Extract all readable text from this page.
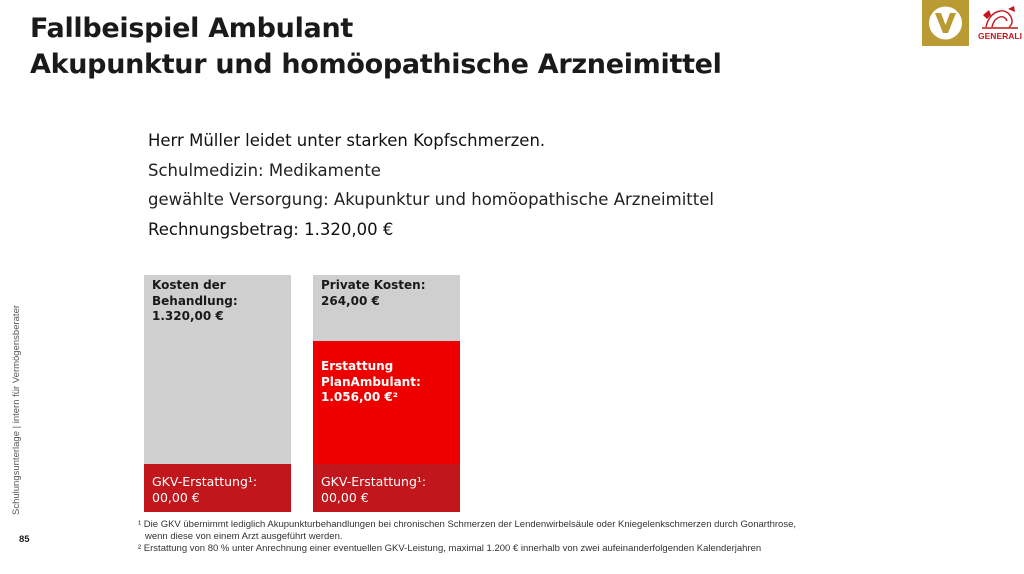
Fallbeispiel Ambulant
Akupunktur und homöopathische Arzneimittel
GENERALI
Herr Müller leidet unter starken Kopfschmerzen.
Schulmedizin: Medikamente
gewählte Versorgung: Akupunktur und homöopathische Arzneimittel
Rechnungsbetrag: 1.320,00 €
Kosten der
Behandlung:
1.320,00 €
GKV-Erstattung¹:
00,00 €
Private Kosten:
264,00 €
Erstattung
PlanAmbulant:
1.056,00 €²
GKV-Erstattung¹:
00,00 €
Schulungsunterlage | intern für Vermögensberater
85
¹ Die GKV übernimmt lediglich Akupunkturbehandlungen bei chronischen Schmerzen der Lendenwirbelsäule oder Kniegelenkschmerzen durch Gonarthrose,
wenn diese von einem Arzt ausgeführt werden.
² Erstattung von 80 % unter Anrechnung einer eventuellen GKV-Leistung, maximal 1.200 € innerhalb von zwei aufeinanderfolgenden Kalenderjahren
